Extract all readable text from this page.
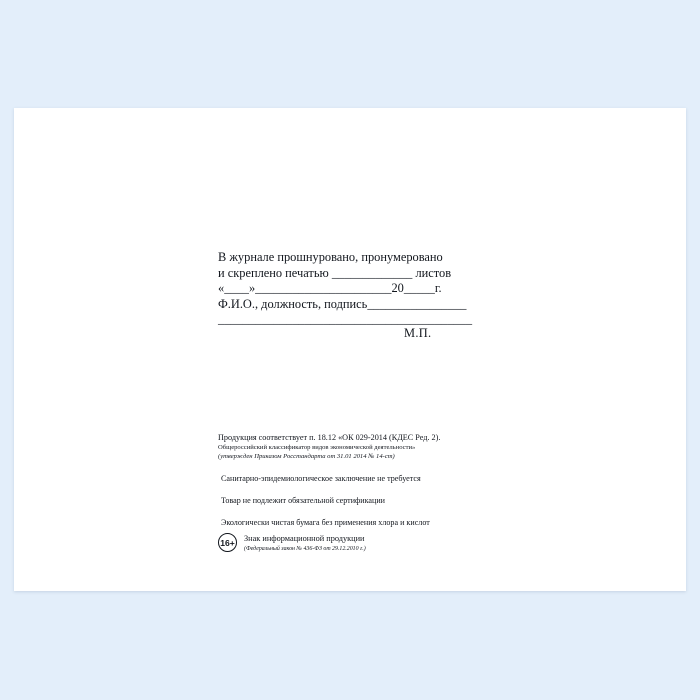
В журнале прошнуровано, пронумеровано
и скреплено печатью _____________ листов
«____»______________________20_____г.
Ф.И.О., должность, подпись________________
_________________________________________
М.П.
Продукция соответствует п. 18.12 «ОК 029-2014 (КДЕС Ред. 2).
Общероссийский классификатор видов экономической деятельности»
(утвержден Приказом Росстандарта от 31.01 2014 № 14-ст)
Санитарно-эпидемиологическое заключение не требуется
Товар не подлежит обязательной сертификации
Экологически чистая бумага без применения хлора и кислот
16+ Знак информационной продукции
(Федеральный закон № 436-ФЗ от 29.12.2010 г.)
